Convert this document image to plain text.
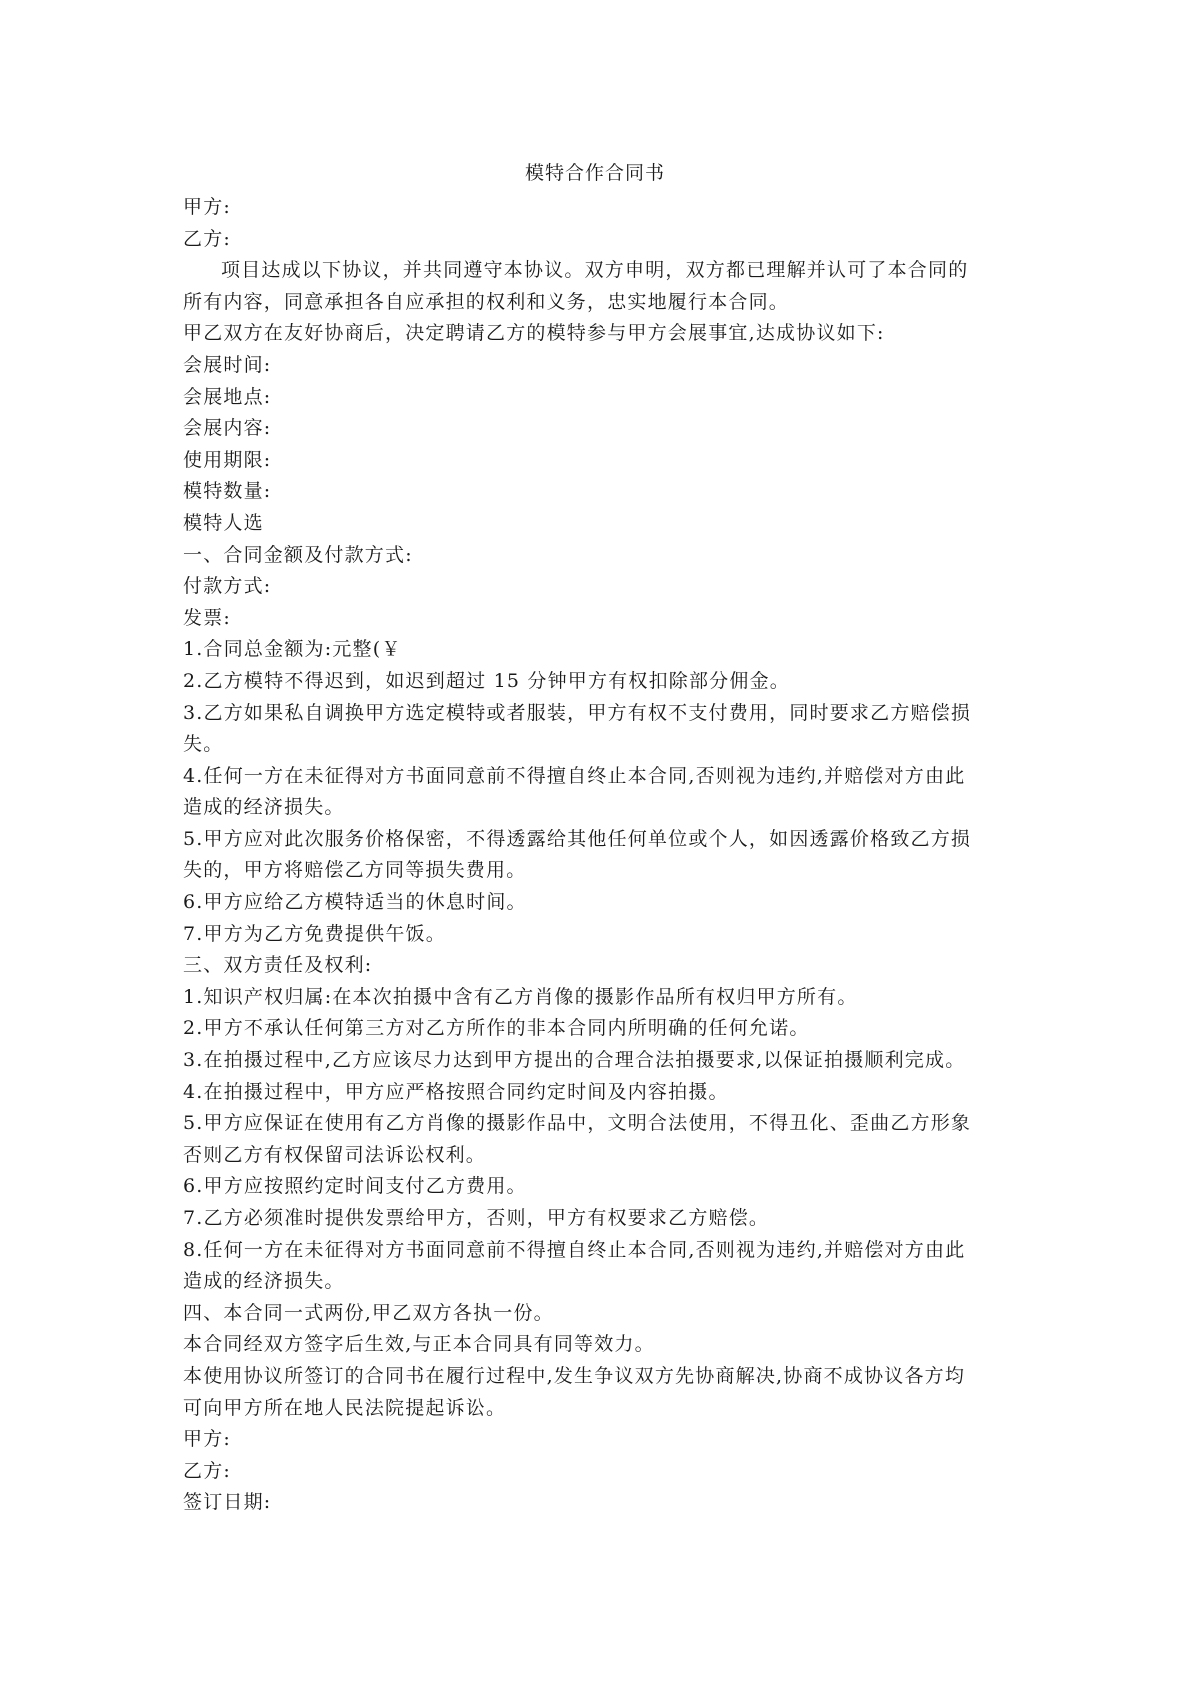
模特合作合同书
甲方:
乙方:
项目达成以下协议，并共同遵守本协议。双方申明，双方都已理解并认可了本合同的
所有内容，同意承担各自应承担的权利和义务，忠实地履行本合同。
甲乙双方在友好协商后，决定聘请乙方的模特参与甲方会展事宜,达成协议如下:
会展时间:
会展地点:
会展内容:
使用期限:
模特数量:
模特人选
一、合同金额及付款方式:
付款方式:
发票:
1.合同总金额为:元整(￥
2.乙方模特不得迟到，如迟到超过 15 分钟甲方有权扣除部分佣金。
3.乙方如果私自调换甲方选定模特或者服装，甲方有权不支付费用，同时要求乙方赔偿损
失。
4.任何一方在未征得对方书面同意前不得擅自终止本合同,否则视为违约,并赔偿对方由此
造成的经济损失。
5.甲方应对此次服务价格保密，不得透露给其他任何单位或个人，如因透露价格致乙方损
失的，甲方将赔偿乙方同等损失费用。
6.甲方应给乙方模特适当的休息时间。
7.甲方为乙方免费提供午饭。
三、双方责任及权利:
1.知识产权归属:在本次拍摄中含有乙方肖像的摄影作品所有权归甲方所有。
2.甲方不承认任何第三方对乙方所作的非本合同内所明确的任何允诺。
3.在拍摄过程中,乙方应该尽力达到甲方提出的合理合法拍摄要求,以保证拍摄顺利完成。
4.在拍摄过程中，甲方应严格按照合同约定时间及内容拍摄。
5.甲方应保证在使用有乙方肖像的摄影作品中，文明合法使用，不得丑化、歪曲乙方形象
否则乙方有权保留司法诉讼权利。
6.甲方应按照约定时间支付乙方费用。
7.乙方必须准时提供发票给甲方，否则，甲方有权要求乙方赔偿。
8.任何一方在未征得对方书面同意前不得擅自终止本合同,否则视为违约,并赔偿对方由此
造成的经济损失。
四、本合同一式两份,甲乙双方各执一份。
本合同经双方签字后生效,与正本合同具有同等效力。
本使用协议所签订的合同书在履行过程中,发生争议双方先协商解决,协商不成协议各方均
可向甲方所在地人民法院提起诉讼。
甲方:
乙方:
签订日期:
